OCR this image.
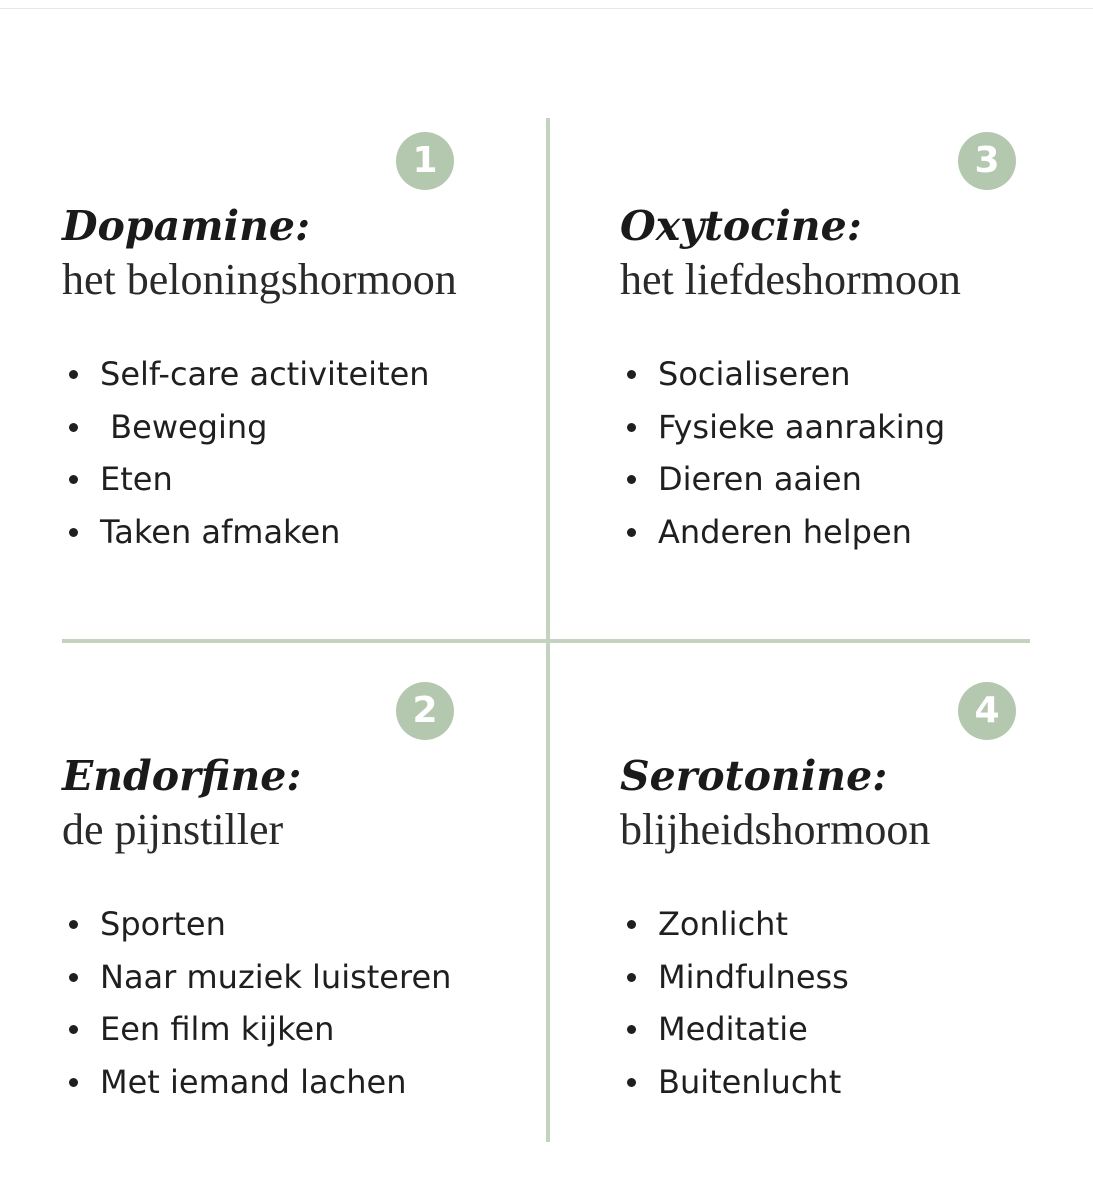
1
Dopamine:
het beloningshormoon
Self-care activiteiten
Beweging
Eten
Taken afmaken
3
Oxytocine:
het liefdeshormoon
Socialiseren
Fysieke aanraking
Dieren aaien
Anderen helpen
2
Endorfine:
de pijnstiller
Sporten
Naar muziek luisteren
Een film kijken
Met iemand lachen
4
Serotonine:
blijheidshormoon
Zonlicht
Mindfulness
Meditatie
Buitenlucht
